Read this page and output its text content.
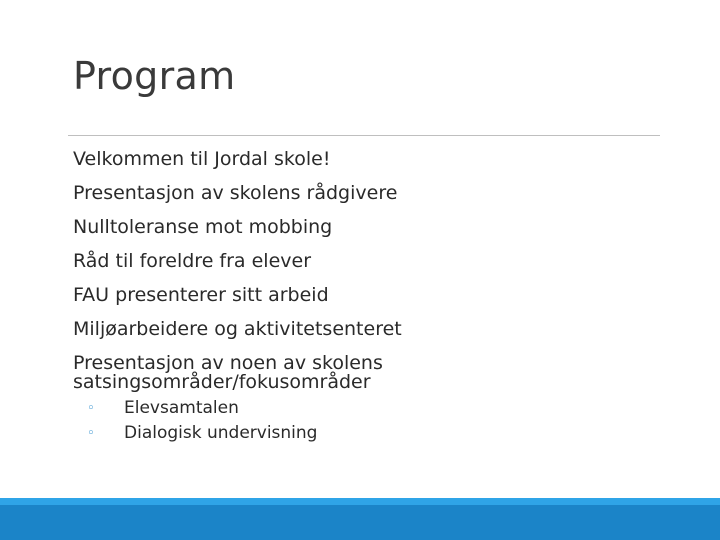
Program
Velkommen til Jordal skole!
Presentasjon av skolens rådgivere
Nulltoleranse mot mobbing
Råd til foreldre fra elever
FAU presenterer sitt arbeid
Miljøarbeidere og aktivitetsenteret
Presentasjon av noen av skolens satsingsområder/fokusområder
◦ Elevsamtalen
◦ Dialogisk undervisning
